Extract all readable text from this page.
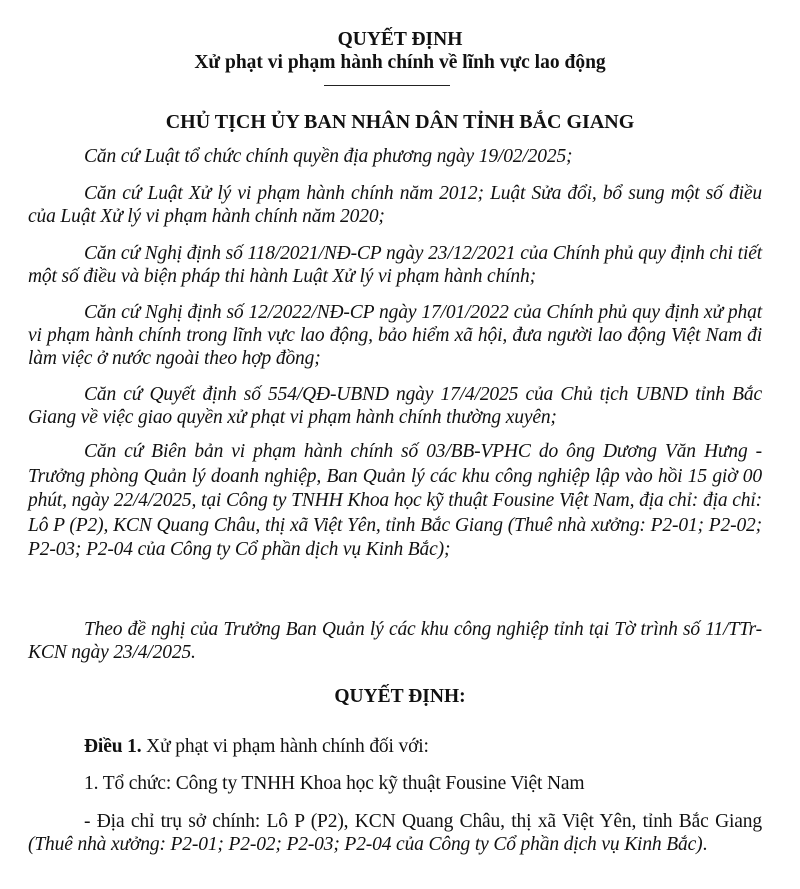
QUYẾT ĐỊNH
Xử phạt vi phạm hành chính về lĩnh vực lao động
CHỦ TỊCH ỦY BAN NHÂN DÂN TỈNH BẮC GIANG

Căn cứ Luật tổ chức chính quyền địa phương ngày 19/02/2025;

Căn cứ Luật Xử lý vi phạm hành chính năm 2012; Luật Sửa đổi, bổ sung một số điều của Luật Xử lý vi phạm hành chính năm 2020;

Căn cứ Nghị định số 118/2021/NĐ-CP ngày 23/12/2021 của Chính phủ quy định chi tiết một số điều và biện pháp thi hành Luật Xử lý vi phạm hành chính;

Căn cứ Nghị định số 12/2022/NĐ-CP ngày 17/01/2022 của Chính phủ quy định xử phạt vi phạm hành chính trong lĩnh vực lao động, bảo hiểm xã hội, đưa người lao động Việt Nam đi làm việc ở nước ngoài theo hợp đồng;

Căn cứ Quyết định số 554/QĐ-UBND ngày 17/4/2025 của Chủ tịch UBND tỉnh Bắc Giang về việc giao quyền xử phạt vi phạm hành chính thường xuyên;

Căn cứ Biên bản vi phạm hành chính số 03/BB-VPHC do ông Dương Văn Hưng - Trưởng phòng Quản lý doanh nghiệp, Ban Quản lý các khu công nghiệp lập vào hồi 15 giờ 00 phút, ngày 22/4/2025, tại Công ty TNHH Khoa học kỹ thuật Fousine Việt Nam, địa chỉ: địa chỉ: Lô P (P2), KCN Quang Châu, thị xã Việt Yên, tỉnh Bắc Giang (Thuê nhà xưởng: P2-01; P2-02; P2-03; P2-04 của Công ty Cổ phần dịch vụ Kinh Bắc);

Theo đề nghị của Trưởng Ban Quản lý các khu công nghiệp tỉnh tại Tờ trình số 11/TTr-KCN ngày 23/4/2025.

QUYẾT ĐỊNH:

Điều 1. Xử phạt vi phạm hành chính đối với:

1. Tổ chức: Công ty TNHH Khoa học kỹ thuật Fousine Việt Nam

- Địa chỉ trụ sở chính: Lô P (P2), KCN Quang Châu, thị xã Việt Yên, tỉnh Bắc Giang (Thuê nhà xưởng: P2-01; P2-02; P2-03; P2-04 của Công ty Cổ phần dịch vụ Kinh Bắc).
